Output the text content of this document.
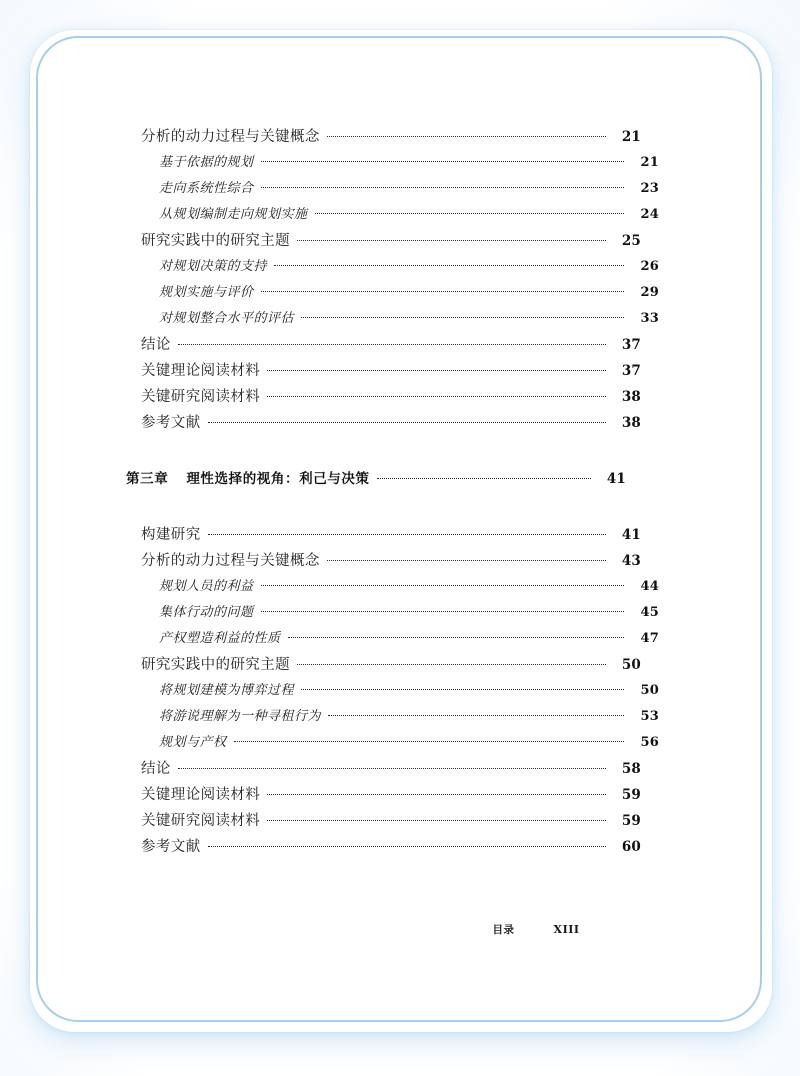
分析的动力过程与关键概念	21
基于依据的规划	21
走向系统性综合	23
从规划编制走向规划实施	24
研究实践中的研究主题	25
对规划决策的支持	26
规划实施与评价	29
对规划整合水平的评估	33
结论	37
关键理论阅读材料	37
关键研究阅读材料	38
参考文献	38
第三章 理性选择的视角：利己与决策	41
构建研究	41
分析的动力过程与关键概念	43
规划人员的利益	44
集体行动的问题	45
产权塑造利益的性质	47
研究实践中的研究主题	50
将规划建模为博弈过程	50
将游说理解为一种寻租行为	53
规划与产权	56
结论	58
关键理论阅读材料	59
关键研究阅读材料	59
参考文献	60
目录	XIII
